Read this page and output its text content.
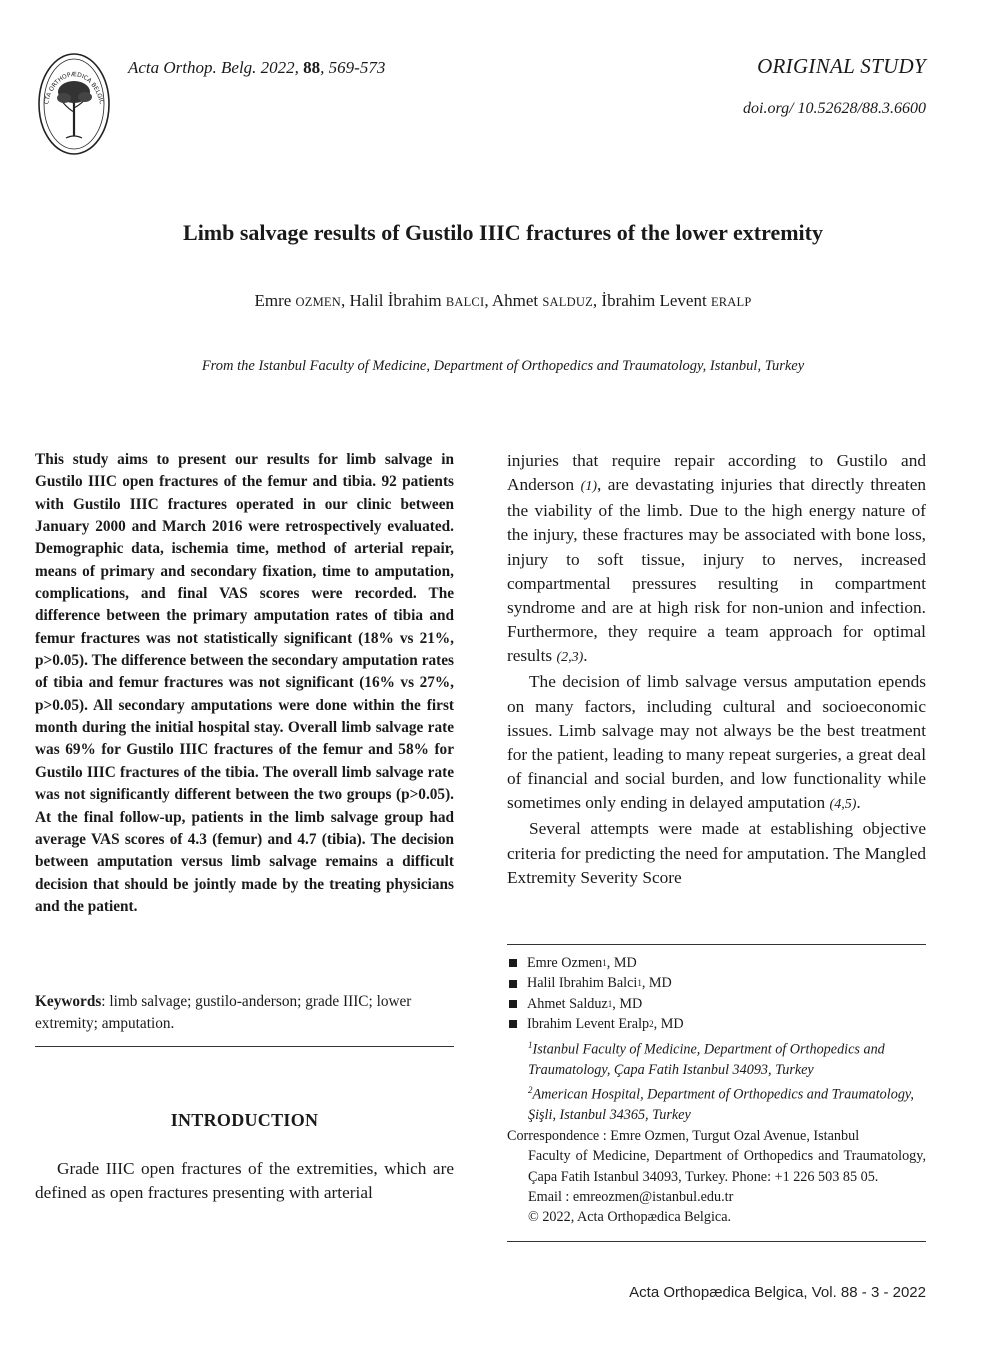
CTA ORTHOPÆDICA BELGIC
Acta Orthop. Belg. 2022, 88, 569-573	ORIGINAL STUDY
doi.org/ 10.52628/88.3.6600
Limb salvage results of Gustilo IIIC fractures of the lower extremity
Emre OZMEN, Halil İbrahim BALCI, Ahmet SALDUZ, İbrahim Levent ERALP
From the Istanbul Faculty of Medicine, Department of Orthopedics and Traumatology, Istanbul, Turkey

This study aims to present our results for limb salvage in Gustilo IIIC open fractures of the femur and tibia. 92 patients with Gustilo IIIC fractures operated in our clinic between January 2000 and March 2016 were retrospectively evaluated. Demographic data, ischemia time, method of arterial repair, means of primary and secondary fixation, time to amputation, complications, and final VAS scores were recorded. The difference between the primary amputation rates of tibia and femur fractures was not statistically significant (18% vs 21%, p>0.05). The difference between the secondary amputation rates of tibia and femur fractures was not significant (16% vs 27%, p>0.05). All secondary amputations were done within the first month during the initial hospital stay. Overall limb salvage rate was 69% for Gustilo IIIC fractures of the femur and 58% for Gustilo IIIC fractures of the tibia. The overall limb salvage rate was not significantly different between the two groups (p>0.05). At the final follow-up, patients in the limb salvage group had average VAS scores of 4.3 (femur) and 4.7 (tibia). The decision between amputation versus limb salvage remains a difficult decision that should be jointly made by the treating physicians and the patient.

Keywords: limb salvage; gustilo-anderson; grade IIIC; lower extremity; amputation.

INTRODUCTION

Grade IIIC open fractures of the extremities, which are defined as open fractures presenting with arterial

injuries that require repair according to Gustilo and Anderson (1), are devastating injuries that directly threaten the viability of the limb. Due to the high energy nature of the injury, these fractures may be associated with bone loss, injury to soft tissue, injury to nerves, increased compartmental pressures resulting in compartment syndrome and are at high risk for non-union and infection. Furthermore, they require a team approach for optimal results (2,3).

The decision of limb salvage versus amputation epends on many factors, including cultural and socioeconomic issues. Limb salvage may not always be the best treatment for the patient, leading to many repeat surgeries, a great deal of financial and social burden, and low functionality while sometimes only ending in delayed amputation (4,5).

Several attempts were made at establishing objective criteria for predicting the need for amputation. The Mangled Extremity Severity Score

Emre Ozmen 1 , MD
Halil Ibrahim Balci 1 , MD
Ahmet Salduz 1 , MD
Ibrahim Levent Eralp 2 , MD
$^1$Istanbul Faculty of Medicine, Department of Orthopedics and Traumatology, Çapa Fatih Istanbul 34093, Turkey
$^2$American Hospital, Department of Orthopedics and Traumatology, Şişli, Istanbul 34365, Turkey
Correspondence : Emre Ozmen, Turgut Ozal Avenue, Istanbul
Faculty of Medicine, Department of Orthopedics and Traumatology, Çapa Fatih Istanbul 34093, Turkey. Phone: +1 226 503 85 05.
Email : emreozmen@istanbul.edu.tr
© 2022, Acta Orthopædica Belgica.
Acta Orthopædica Belgica, Vol. 88 - 3 - 2022
